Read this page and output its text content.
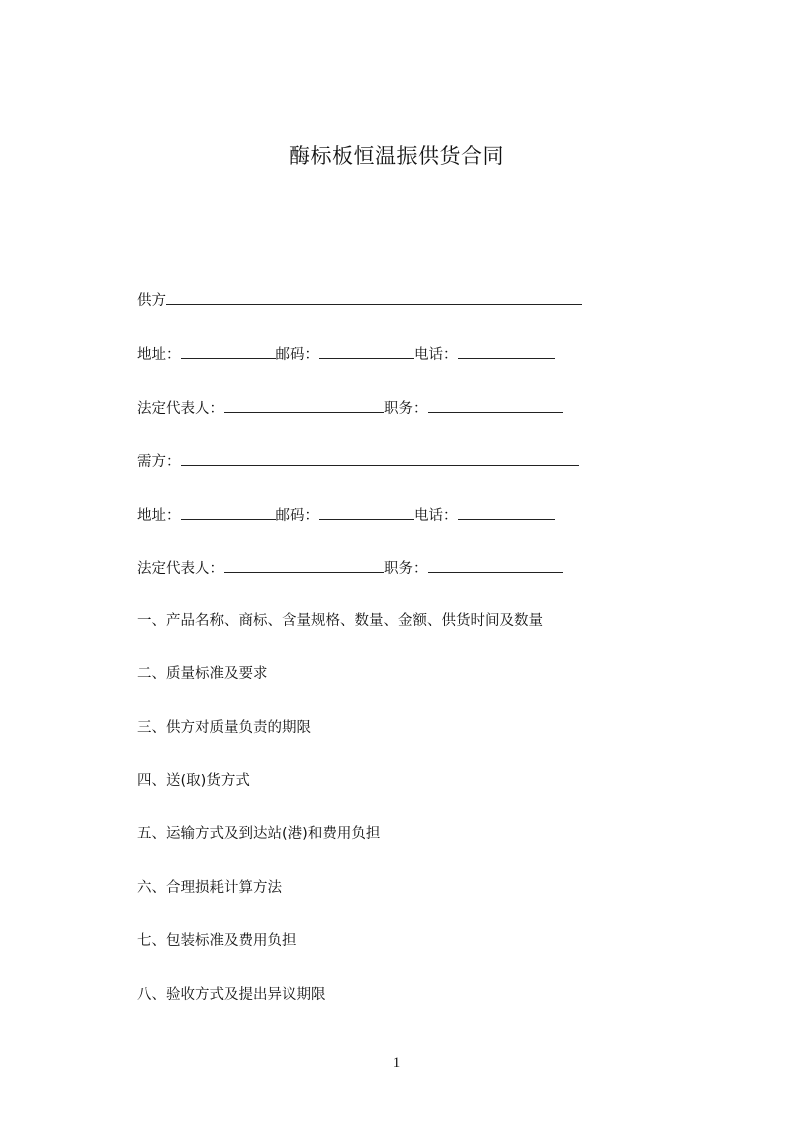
酶标板恒温振供货合同
供方
地址：	邮码：	电话：
法定代表人：	职务：
需方：
地址：	邮码：	电话：
法定代表人：	职务：
一、产品名称、商标、含量规格、数量、金额、供货时间及数量
二、质量标准及要求
三、供方对质量负责的期限
四、送(取)货方式
五、运输方式及到达站(港)和费用负担
六、合理损耗计算方法
七、包装标准及费用负担
八、验收方式及提出异议期限
1
